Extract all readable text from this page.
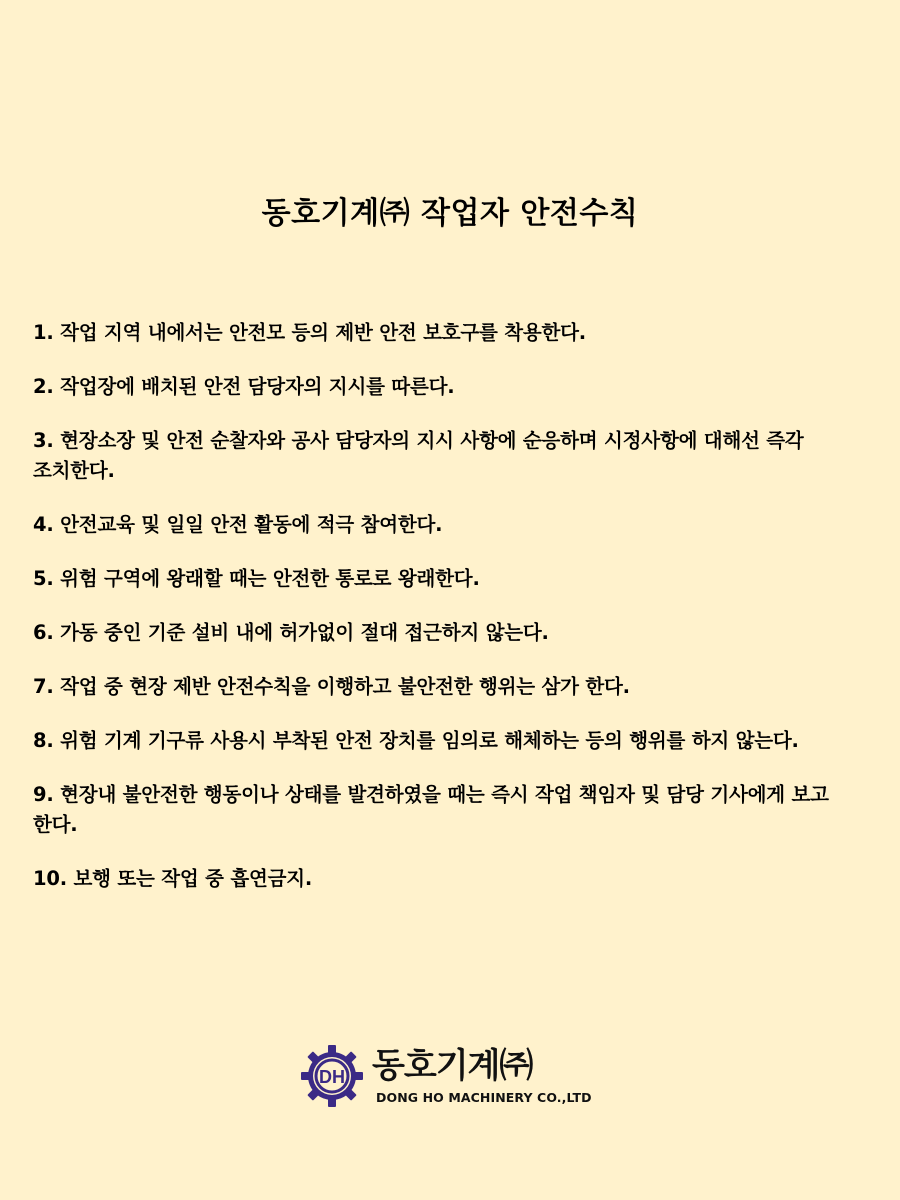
동호기계㈜ 작업자 안전수칙
1. 작업 지역 내에서는 안전모 등의 제반 안전 보호구를 착용한다.
2. 작업장에 배치된 안전 담당자의 지시를 따른다.
3. 현장소장 및 안전 순찰자와 공사 담당자의 지시 사항에 순응하며 시정사항에 대해선 즉각 조치한다.
4. 안전교육 및 일일 안전 활동에 적극 참여한다.
5. 위험 구역에 왕래할 때는 안전한 통로로 왕래한다.
6. 가동 중인 기준 설비 내에 허가없이 절대 접근하지 않는다.
7. 작업 중 현장 제반 안전수칙을 이행하고 불안전한 행위는 삼가 한다.
8. 위험 기계 기구류 사용시 부착된 안전 장치를 임의로 해체하는 등의 행위를 하지 않는다.
9. 현장내 불안전한 행동이나 상태를 발견하였을 때는 즉시 작업 책임자 및 담당 기사에게 보고 한다.
10. 보행 또는 작업 중 흡연금지.
DH 동호기계㈜
DONG HO MACHINERY CO.,LTD
